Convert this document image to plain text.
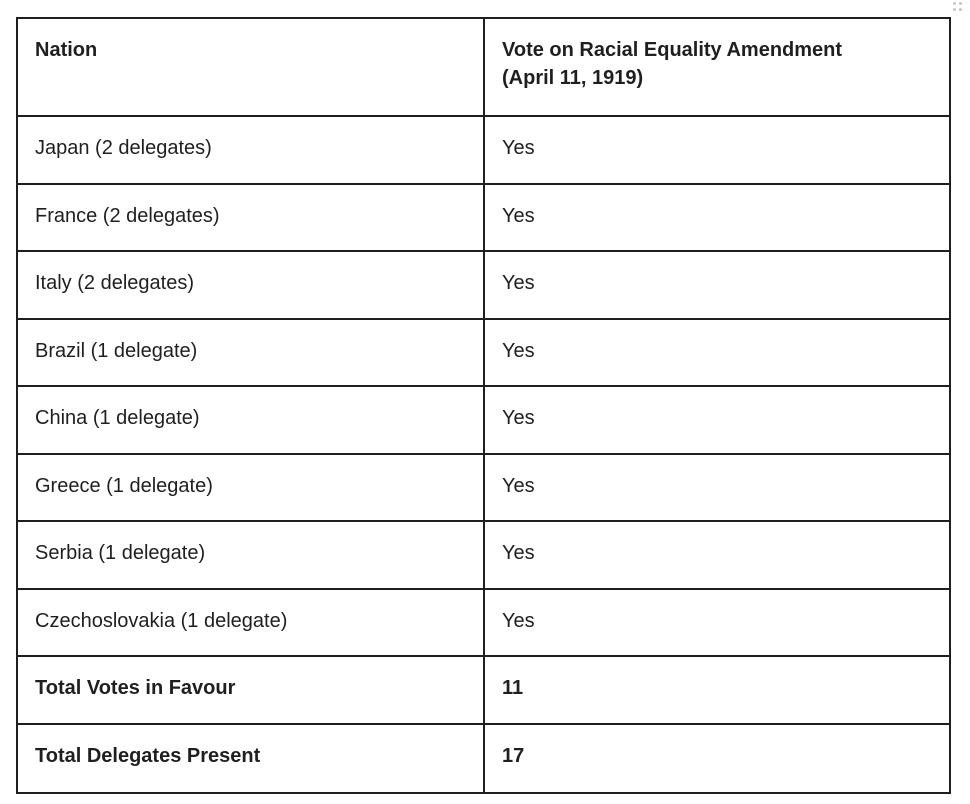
Nation	Vote on Racial Equality Amendment
(April 11, 1919)
Japan (2 delegates)	Yes
France (2 delegates)	Yes
Italy (2 delegates)	Yes
Brazil (1 delegate)	Yes
China (1 delegate)	Yes
Greece (1 delegate)	Yes
Serbia (1 delegate)	Yes
Czechoslovakia (1 delegate)	Yes
Total Votes in Favour	11
Total Delegates Present	17
